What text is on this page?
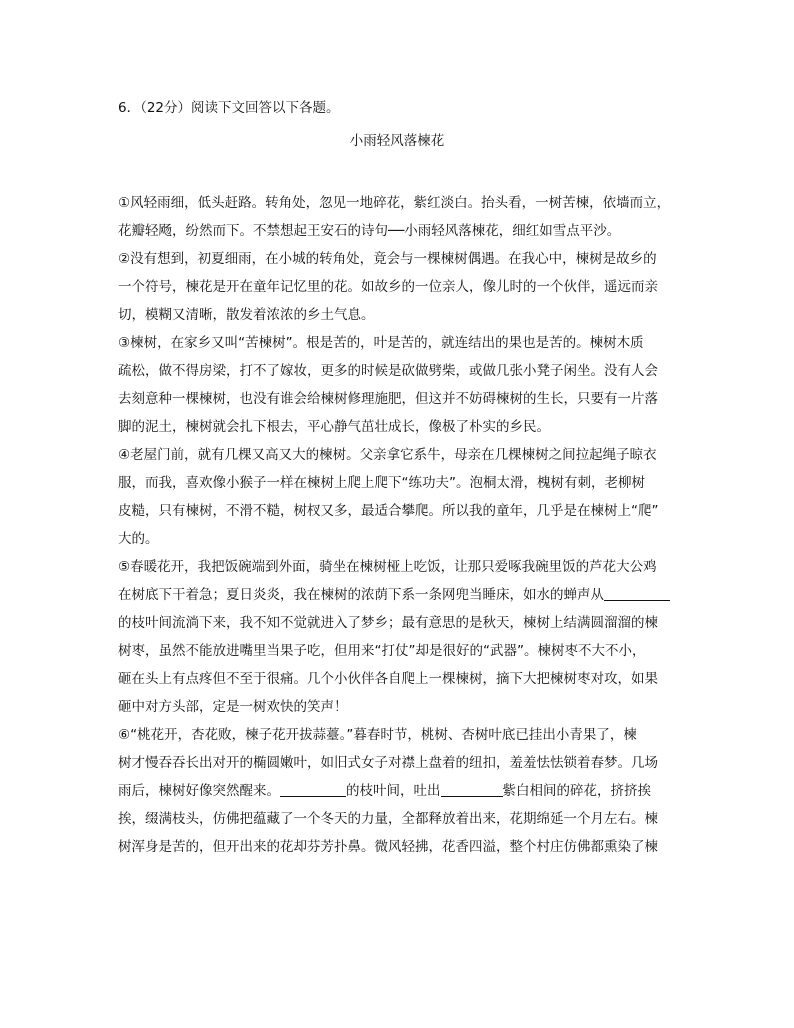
6．（22分）阅读下文回答以下各题。
小雨轻风落楝花
①风轻雨细，低头赶路。转角处，忽见一地碎花，紫红淡白。抬头看，一树苦楝，依墙而立，
花瓣轻飏，纷然而下。不禁想起王安石的诗句──小雨轻风落楝花，细红如雪点平沙。
②没有想到，初夏细雨，在小城的转角处，竟会与一棵楝树偶遇。在我心中，楝树是故乡的
一个符号，楝花是开在童年记忆里的花。如故乡的一位亲人，像儿时的一个伙伴，遥远而亲
切，模糊又清晰，散发着浓浓的乡土气息。
③楝树，在家乡又叫“苦楝树”。根是苦的，叶是苦的，就连结出的果也是苦的。楝树木质
疏松，做不得房梁，打不了嫁妆，更多的时候是砍做劈柴，或做几张小凳子闲坐。没有人会
去刻意种一棵楝树，也没有谁会给楝树修理施肥，但这并不妨碍楝树的生长，只要有一片落
脚的泥土，楝树就会扎下根去，平心静气茁壮成长，像极了朴实的乡民。
④老屋门前，就有几棵又高又大的楝树。父亲拿它系牛，母亲在几棵楝树之间拉起绳子晾衣
服，而我，喜欢像小猴子一样在楝树上爬上爬下“练功夫”。泡桐太滑，槐树有刺，老柳树
皮糙，只有楝树，不滑不糙，树杈又多，最适合攀爬。所以我的童年，几乎是在楝树上“爬”
大的。
⑤春暖花开，我把饭碗端到外面，骑坐在楝树桠上吃饭，让那只爱啄我碗里饭的芦花大公鸡
在树底下干着急；夏日炎炎，我在楝树的浓荫下系一条网兜当睡床，如水的蝉声从
的枝叶间流淌下来，我不知不觉就进入了梦乡；最有意思的是秋天，楝树上结满圆溜溜的楝
树枣，虽然不能放进嘴里当果子吃，但用来“打仗”却是很好的“武器”。楝树枣不大不小，
砸在头上有点疼但不至于很痛。几个小伙伴各自爬上一棵楝树，摘下大把楝树枣对攻，如果
砸中对方头部，定是一树欢快的笑声！
⑥“桃花开，杏花败，楝子花开拔蒜薹。”暮春时节，桃树、杏树叶底已挂出小青果了，楝
树才慢吞吞长出对开的椭圆嫩叶，如旧式女子对襟上盘着的纽扣，羞羞怯怯锁着春梦。几场
雨后，楝树好像突然醒来。	的枝叶间，吐出	紫白相间的碎花，挤挤挨
挨，缀满枝头，仿佛把蕴藏了一个冬天的力量，全都释放着出来，花期绵延一个月左右。楝
树浑身是苦的，但开出来的花却芬芳扑鼻。微风轻拂，花香四溢，整个村庄仿佛都熏染了楝
